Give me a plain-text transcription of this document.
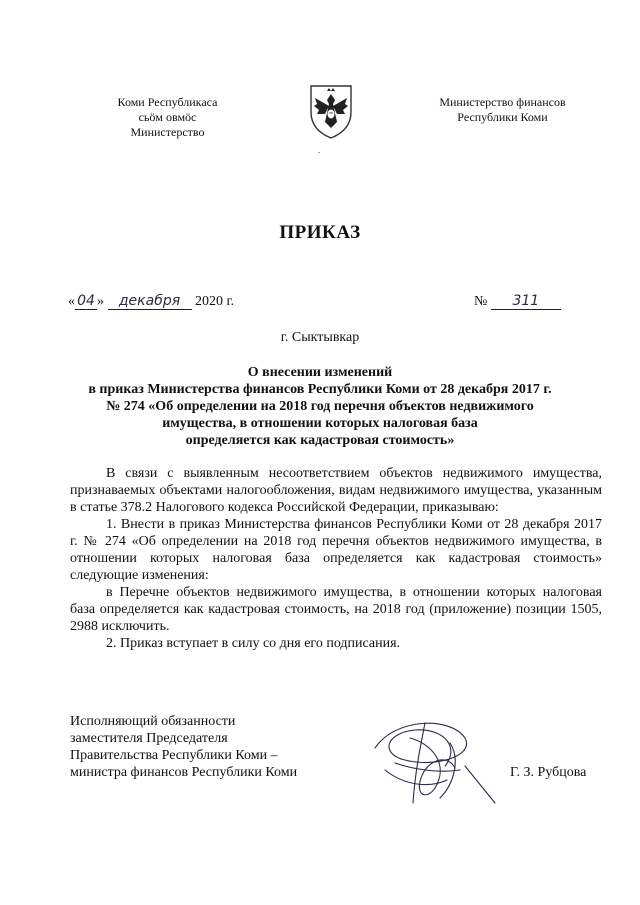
Коми Республикаса
сьӧм овмӧс
Министерство
Министерство финансов
Республики Коми
ПРИКАЗ
« 04 » декабря 2020 г.	№ 311
г. Сыктывкар
О внесении изменений
в приказ Министерства финансов Республики Коми от 28 декабря 2017 г.
№ 274 «Об определении на 2018 год перечня объектов недвижимого
имущества, в отношении которых налоговая база
определяется как кадастровая стоимость»

В связи с выявленным несоответствием объектов недвижимого имущества, признаваемых объектами налогообложения, видам недвижимого имущества, указанным в статье 378.2 Налогового кодекса Российской Федерации, приказываю:

1. Внести в приказ Министерства финансов Республики Коми от 28 декабря 2017 г. № 274 «Об определении на 2018 год перечня объектов недвижимого имущества, в отношении которых налоговая база определяется как кадастровая стоимость» следующие изменения:

в Перечне объектов недвижимого имущества, в отношении которых налоговая база определяется как кадастровая стоимость, на 2018 год (приложение) позиции 1505, 2988 исключить.

2. Приказ вступает в силу со дня его подписания.

Исполняющий обязанности
заместителя Председателя
Правительства Республики Коми –
министра финансов Республики Коми	Г. З. Рубцова
